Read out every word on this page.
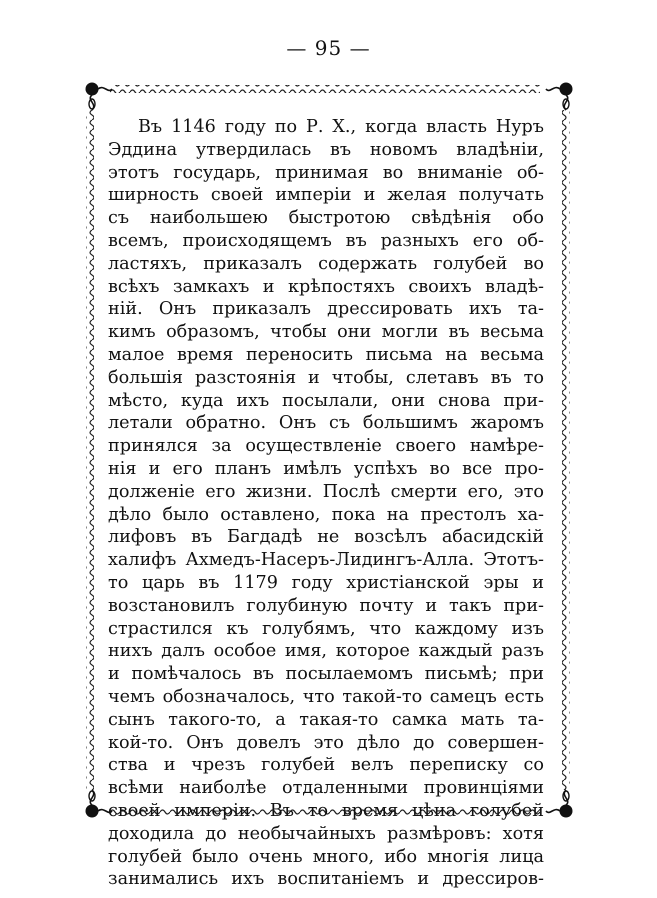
— 95 —
Въ 1146 году по Р. X., когда власть Нуръ
Эддина утвердилась въ новомъ владѣнiи,
этотъ государь, принимая во вниманiе об-
ширность своей имперiи и желая получать
съ наибольшею быстротою свѣдѣнiя обо
всемъ, происходящемъ въ разныхъ его об-
ластяхъ, приказалъ содержать голубей во
всѣхъ замкахъ и крѣпостяхъ своихъ владѣ-
нiй. Онъ приказалъ дрессировать ихъ та-
кимъ образомъ, чтобы они могли въ весьма
малое время переносить письма на весьма
большiя разстоянiя и чтобы, слетавъ въ то
мѣсто, куда ихъ посылали, они снова при-
летали обратно. Онъ съ большимъ жаромъ
принялся за осуществленiе своего намѣре-
нiя и его планъ имѣлъ успѣхъ во все про-
долженiе его жизни. Послѣ смерти его, это
дѣло было оставлено, пока на престолъ ха-
лифовъ въ Багдадѣ не возсѣлъ абасидскiй
халифъ Ахмедъ-Насеръ-Лидингъ-Алла. Этотъ-
то царь въ 1179 году христiанской эры и
возстановилъ голубиную почту и такъ при-
страстился къ голубямъ, что каждому изъ
нихъ далъ особое имя, которое каждый разъ
и помѣчалось въ посылаемомъ письмѣ; при
чемъ обозначалось, что такой-то самецъ есть
сынъ такого-то, а такая-то самка мать та-
кой-то. Онъ довелъ это дѣло до совершен-
ства и чрезъ голубей велъ переписку со
всѣми наиболѣе отдаленными провинцiями
своей имперiи. Въ то время цѣна голубей
доходила до необычайныхъ размѣровъ: хотя
голубей было очень много, ибо многiя лица
занимались ихъ воспитанiемъ и дрессиров-
